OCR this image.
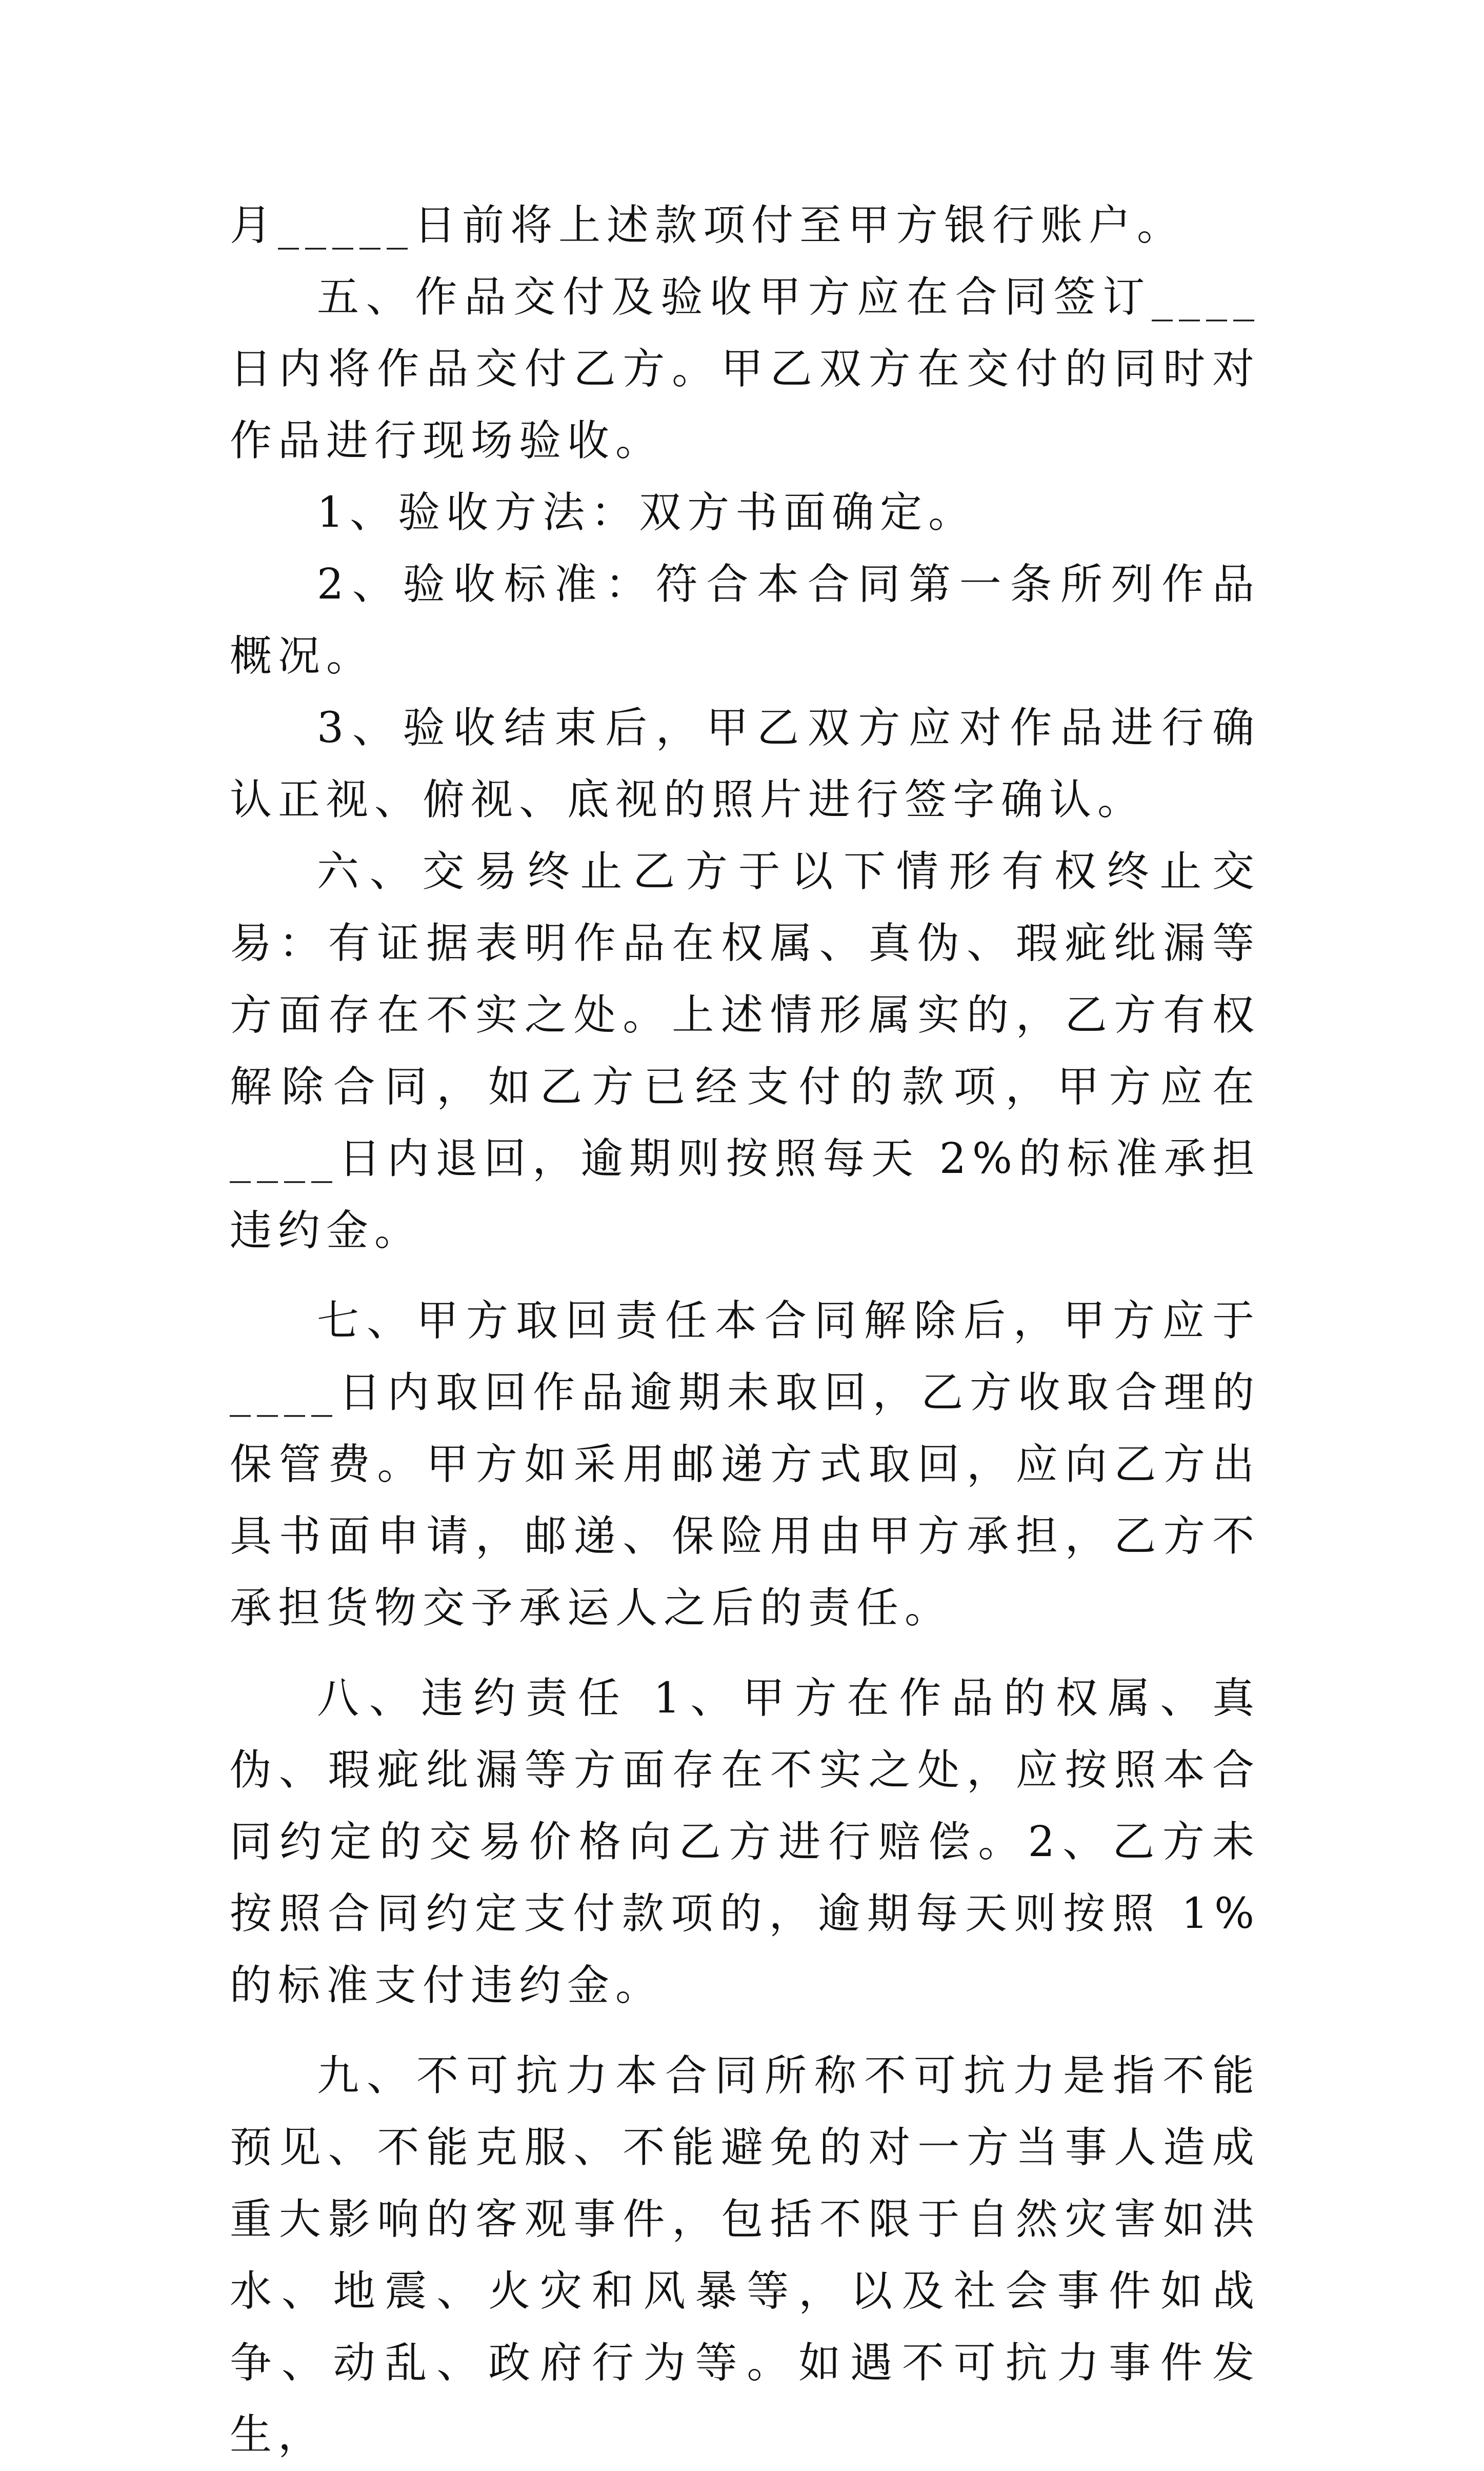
月_____日前将上述款项付至甲方银行账户。

五、作品交付及验收甲方应在合同签订____日内将作品交付乙方。甲乙双方在交付的同时对作品进行现场验收。

1、验收方法：双方书面确定。

2、验收标准：符合本合同第一条所列作品概况。

3、验收结束后，甲乙双方应对作品进行确认正视、俯视、底视的照片进行签字确认。

六、交易终止乙方于以下情形有权终止交易：有证据表明作品在权属、真伪、瑕疵纰漏等方面存在不实之处。上述情形属实的，乙方有权解除合同，如乙方已经支付的款项，甲方应在____日内退回，逾期则按照每天 2%的标准承担违约金。

七、甲方取回责任本合同解除后，甲方应于____日内取回作品逾期未取回，乙方收取合理的保管费。甲方如采用邮递方式取回，应向乙方出具书面申请，邮递、保险用由甲方承担，乙方不承担货物交予承运人之后的责任。

八、违约责任 1、甲方在作品的权属、真伪、瑕疵纰漏等方面存在不实之处，应按照本合同约定的交易价格向乙方进行赔偿。2、乙方未按照合同约定支付款项的，逾期每天则按照 1%的标准支付违约金。

九、不可抗力本合同所称不可抗力是指不能预见、不能克服、不能避免的对一方当事人造成重大影响的客观事件，包括不限于自然灾害如洪水、地震、火灾和风暴等，以及社会事件如战争、动乱、政府行为等。如遇不可抗力事件发生，
